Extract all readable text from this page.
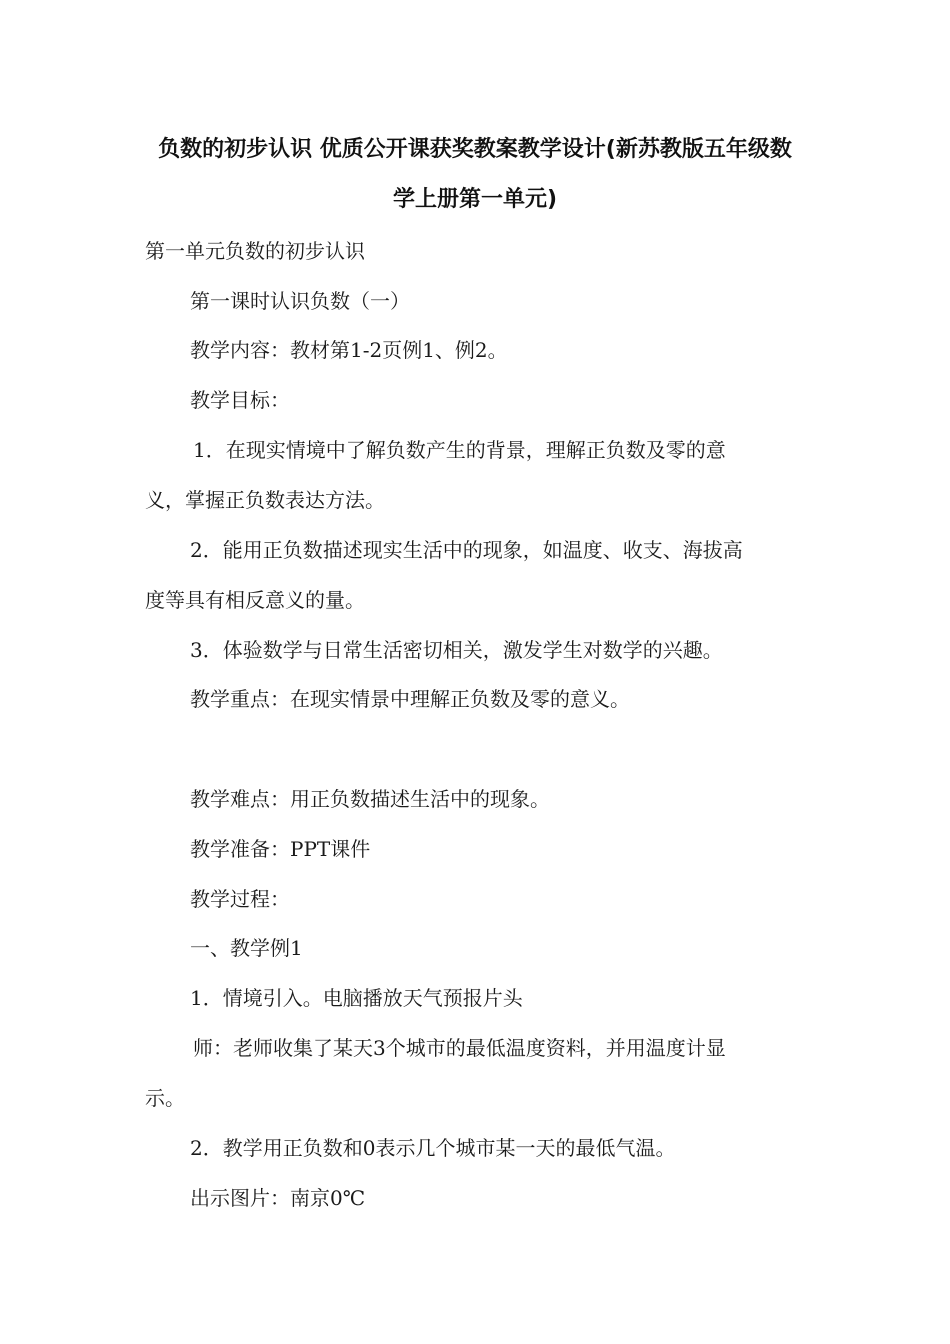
负数的初步认识 优质公开课获奖教案教学设计(新苏教版五年级数
学上册第一单元)
第一单元负数的初步认识
第一课时认识负数（一）
教学内容：教材第1-2页例1、例2。
教学目标：
1．在现实情境中了解负数产生的背景，理解正负数及零的意
义，掌握正负数表达方法。
2．能用正负数描述现实生活中的现象，如温度、收支、海拔高
度等具有相反意义的量。
3．体验数学与日常生活密切相关，激发学生对数学的兴趣。
教学重点：在现实情景中理解正负数及零的意义。
教学难点：用正负数描述生活中的现象。
教学准备：PPT课件
教学过程：
一、教学例1
1．情境引入。电脑播放天气预报片头
师：老师收集了某天3个城市的最低温度资料，并用温度计显
示。
2．教学用正负数和0表示几个城市某一天的最低气温。
出示图片：南京0℃
